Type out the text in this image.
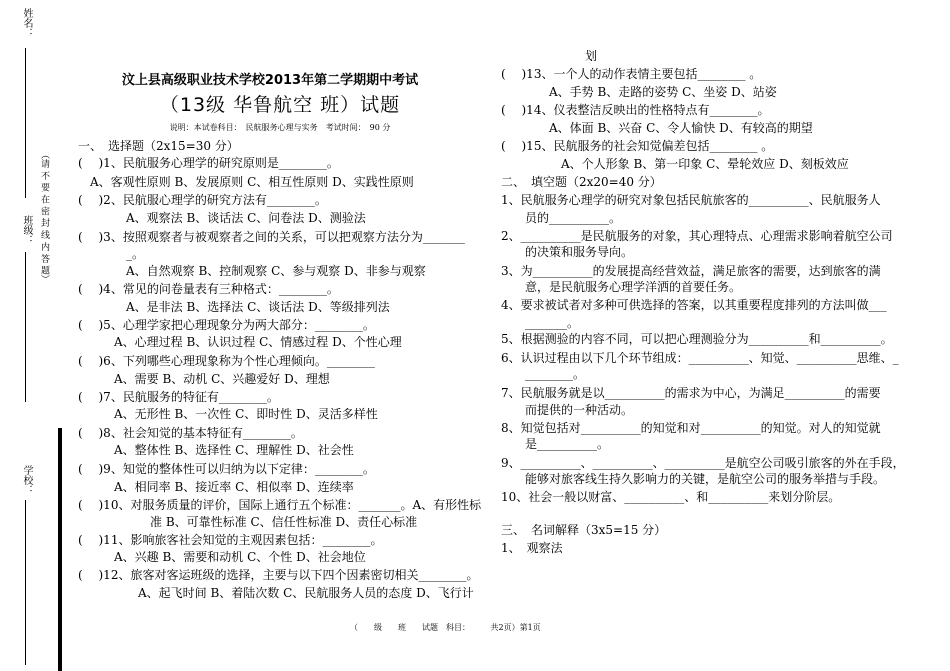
姓名：
班级：
学校：
（请 不 要 在 密 封 线 内 答 题）
汶上县高级职业技术学校2013年第二学期期中考试
（13级 华鲁航空 班）试题
说明：本试卷科目：　民航服务心理与实务　考试时间：　90 分
一、　选择题（2x15=30 分）
(　 )1、民航服务心理学的研究原则是________。
　A、客观性原则 B、发展原则 C、相互性原则 D、实践性原则
(　 )2、民航服心理学的研究方法有________。
　　　　A、观察法 B、谈话法 C、问卷法 D、测验法
(　 )3、按照观察者与被观察者之间的关系，可以把观察方法分为_______
　　　　_。
　　　　A、自然观察 B、控制观察 C、参与观察 D、非参与观察
(　 )4、常见的问卷量表有三种格式：________。
　　　　A、是非法 B、选择法 C、谈话法 D、等级排列法
(　 )5、心理学家把心理现象分为两大部分：________。
　　　A、心理过程 B、认识过程 C、情感过程 D、个性心理
(　 )6、下列哪些心理现象称为个性心理倾向。________
　　　A、需要 B、动机 C、兴趣爱好 D、理想
(　 )7、民航服务的特征有________。
　　　A、无形性 B、一次性 C、即时性 D、灵活多样性
(　 )8、社会知觉的基本特征有________。
　　　A、整体性 B、选择性 C、理解性 D、社会性
(　 )9、知觉的整体性可以归纳为以下定律：________。
　　　A、相同率 B、接近率 C、相似率 D、连续率
(　 )10、对服务质量的评价，国际上通行五个标准：_______。A、有形性标
　　　　　　准 B、可靠性标准 C、信任性标准 D、责任心标准
(　 )11、影响旅客社会知觉的主观因素包括：________。
　　　A、兴趣 B、需要和动机 C、个性 D、社会地位
(　 )12、旅客对客运班级的选择，主要与以下四个因素密切相关________。
　　　　　A、起飞时间 B、着陆次数 C、民航服务人员的态度 D、飞行计
　　　　　　　划
(　 )13、一个人的动作表情主要包括________ 。
　　　　A、手势 B、走路的姿势 C、坐姿 D、站姿
(　 )14、仪表整洁反映出的性格特点有________。
　　　　A、体面 B、兴奋 C、令人愉快 D、有较高的期望
(　 )15、民航服务的社会知觉偏差包括________ 。
　　　　　A、个人形象 B、第一印象 C、晕轮效应 D、刻板效应
二、　填空题（2x20=40 分）
1、民航服务心理学的研究对象包括民航旅客的__________、民航服务人
　　员的__________。
2、__________是民航服务的对象，其心理特点、心理需求影响着航空公司
　　的决策和服务导向。
3、为__________的发展提高经营效益，满足旅客的需要，达到旅客的满
　　意，是民航服务心理学洋洒的首要任务。
4、要求被试者对多种可供选择的答案，以其重要程度排列的方法叫做___
　　_______。
5、根据测验的内容不同，可以把心理测验分为__________和__________。
6、认识过程由以下几个环节组成：__________、知觉、__________思维、_
　　________。
7、民航服务就是以__________的需求为中心，为满足__________的需要
　　而提供的一种活动。
8、知觉包括对__________的知觉和对__________的知觉。对人的知觉就
　　是__________。
9、__________、__________、__________是航空公司吸引旅客的外在手段，
　　能够对旅客线生持久影响力的关键，是航空公司的服务举措与手段。
10、社会一般以财富、__________、和__________来划分阶层。
三、　名词解释（3x5=15 分）
1、　观察法
（　　级　　班　　试题　科目：	共2页）第1页
